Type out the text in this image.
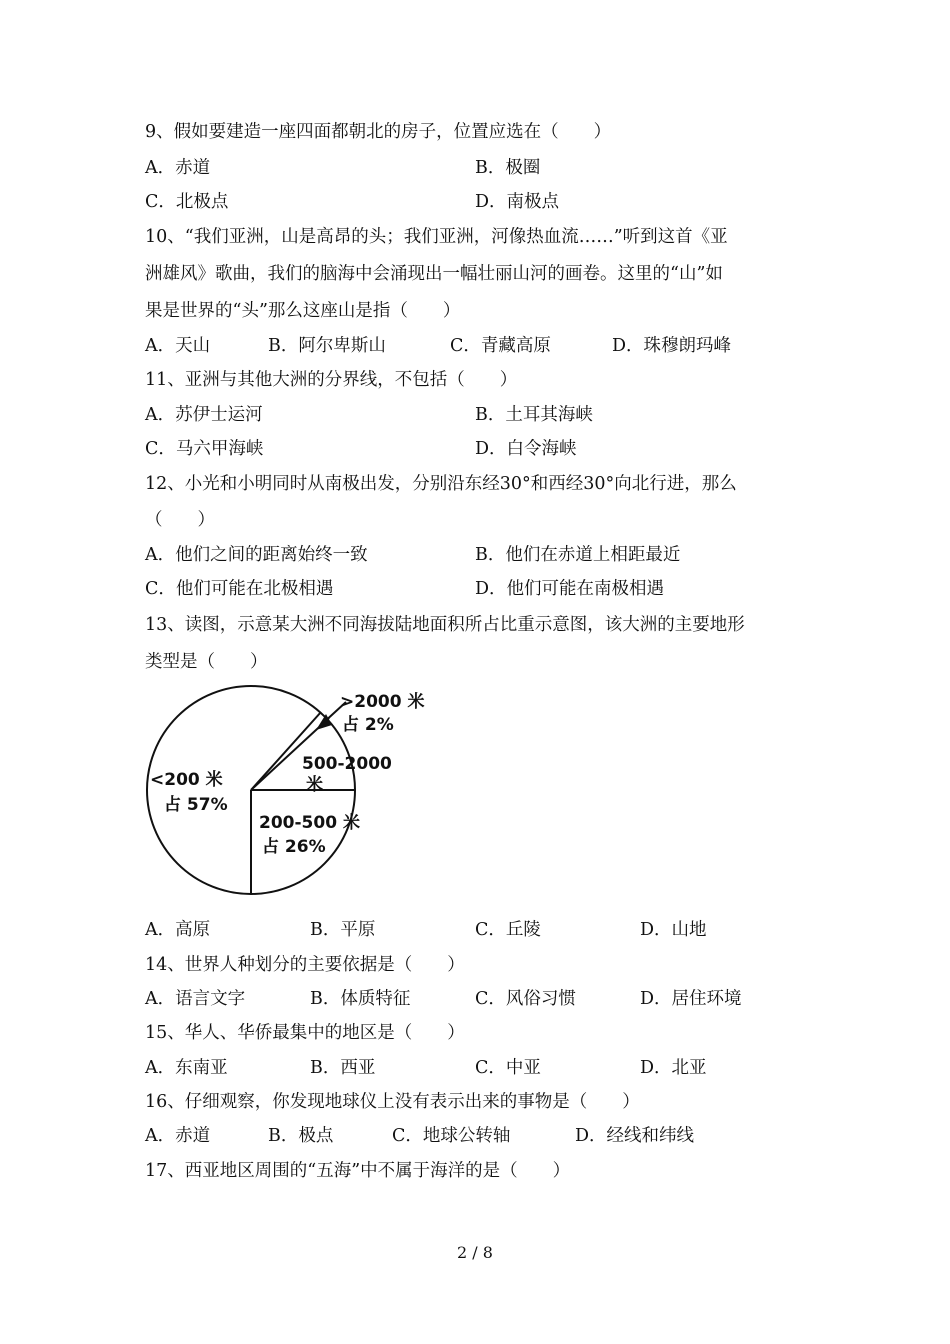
9、假如要建造一座四面都朝北的房子，位置应选在（　　）
A．赤道	B．极圈
C．北极点	D．南极点
10、“我们亚洲，山是高昂的头；我们亚洲，河像热血流……”听到这首《亚
洲雄风》歌曲，我们的脑海中会涌现出一幅壮丽山河的画卷。这里的“山”如
果是世界的“头”那么这座山是指（　　）
A．天山	B．阿尔卑斯山	C．青藏高原	D．珠穆朗玛峰
11、亚洲与其他大洲的分界线，不包括（　　）
A．苏伊士运河	B．土耳其海峡
C．马六甲海峡	D．白令海峡
12、小光和小明同时从南极出发，分别沿东经30°和西经30°向北行进，那么
（　　）
A．他们之间的距离始终一致	B．他们在赤道上相距最近
C．他们可能在北极相遇	D．他们可能在南极相遇
13、读图，示意某大洲不同海拔陆地面积所占比重示意图，该大洲的主要地形
类型是（　　）
>2000 米
占 2%
500-2000
米
<200 米
占 57%
200-500 米
占 26%
A．高原	B．平原	C．丘陵	D．山地
14、世界人种划分的主要依据是（　　）
A．语言文字	B．体质特征	C．风俗习惯	D．居住环境
15、华人、华侨最集中的地区是（　　）
A．东南亚	B．西亚	C．中亚	D．北亚
16、仔细观察，你发现地球仪上没有表示出来的事物是（　　）
A．赤道	B．极点	C．地球公转轴	D．经线和纬线
17、西亚地区周围的“五海”中不属于海洋的是（　　）
2 / 8
